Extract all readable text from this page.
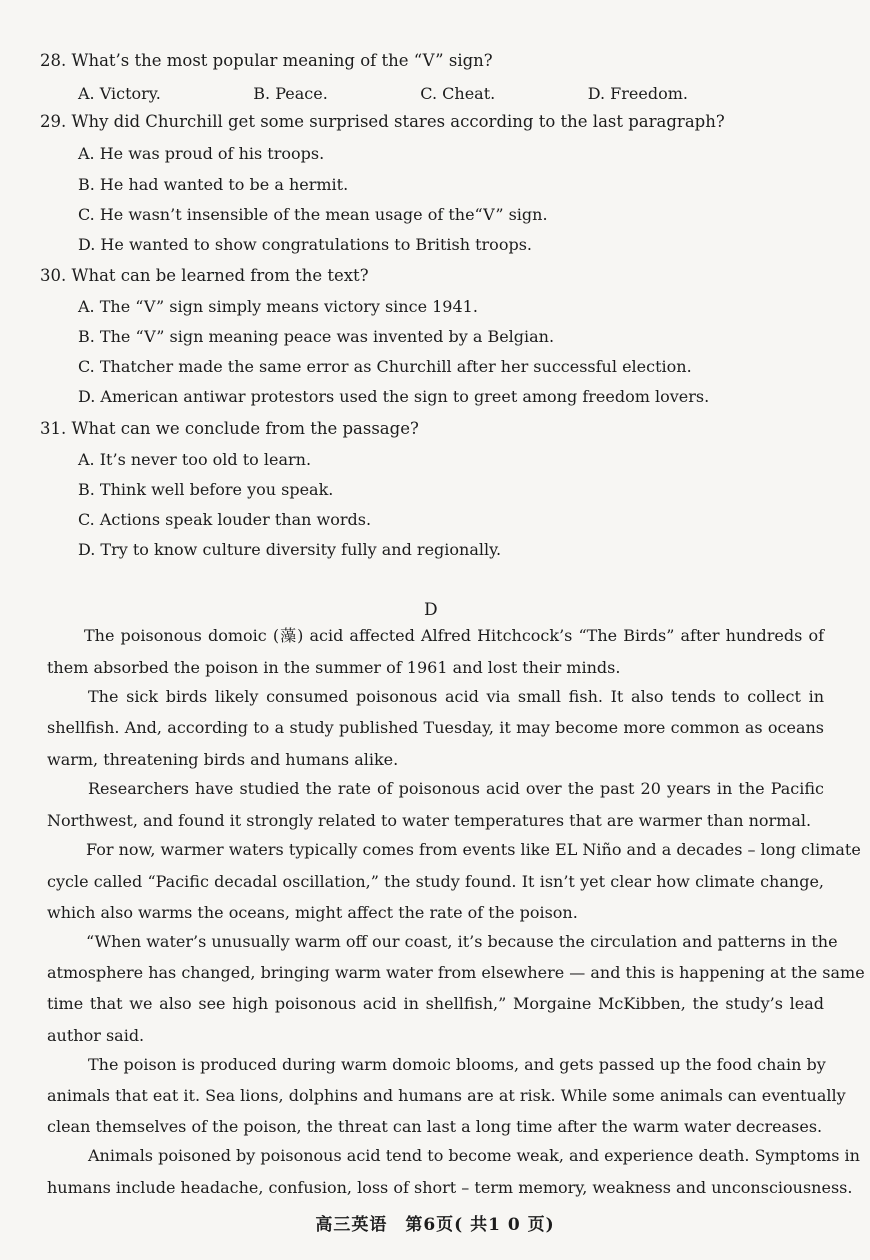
28. What’s the most popular meaning of the “V” sign?
A. Victory.	B. Peace.	C. Cheat.	D. Freedom.
29. Why did Churchill get some surprised stares according to the last paragraph?
A. He was proud of his troops.
B. He had wanted to be a hermit.
C. He wasn’t insensible of the mean usage of the“V” sign.
D. He wanted to show congratulations to British troops.
30. What can be learned from the text?
A. The “V” sign simply means victory since 1941.
B. The “V” sign meaning peace was invented by a Belgian.
C. Thatcher made the same error as Churchill after her successful election.
D. American antiwar protestors used the sign to greet among freedom lovers.
31. What can we conclude from the passage?
A. It’s never too old to learn.
B. Think well before you speak.
C. Actions speak louder than words.
D. Try to know culture diversity fully and regionally.
D
The poisonous domoic (藻) acid affected Alfred Hitchcock’s “The Birds” after hundreds of
them absorbed the poison in the summer of 1961 and lost their minds.
The sick birds likely consumed poisonous acid via small fish. It also tends to collect in
shellfish. And, according to a study published Tuesday, it may become more common as oceans
warm, threatening birds and humans alike.
Researchers have studied the rate of poisonous acid over the past 20 years in the Pacific
Northwest, and found it strongly related to water temperatures that are warmer than normal.
For now, warmer waters typically comes from events like EL Niño and a decades – long climate
cycle called “Pacific decadal oscillation,” the study found. It isn’t yet clear how climate change,
which also warms the oceans, might affect the rate of the poison.
“When water’s unusually warm off our coast, it’s because the circulation and patterns in the
atmosphere has changed, bringing warm water from elsewhere — and this is happening at the same
time that we also see high poisonous acid in shellfish,” Morgaine McKibben, the study’s lead
author said.
The poison is produced during warm domoic blooms, and gets passed up the food chain by
animals that eat it. Sea lions, dolphins and humans are at risk. While some animals can eventually
clean themselves of the poison, the threat can last a long time after the warm water decreases.
Animals poisoned by poisonous acid tend to become weak, and experience death. Symptoms in
humans include headache, confusion, loss of short – term memory, weakness and unconsciousness.
高三英语　第6页( 共1 0 页)
